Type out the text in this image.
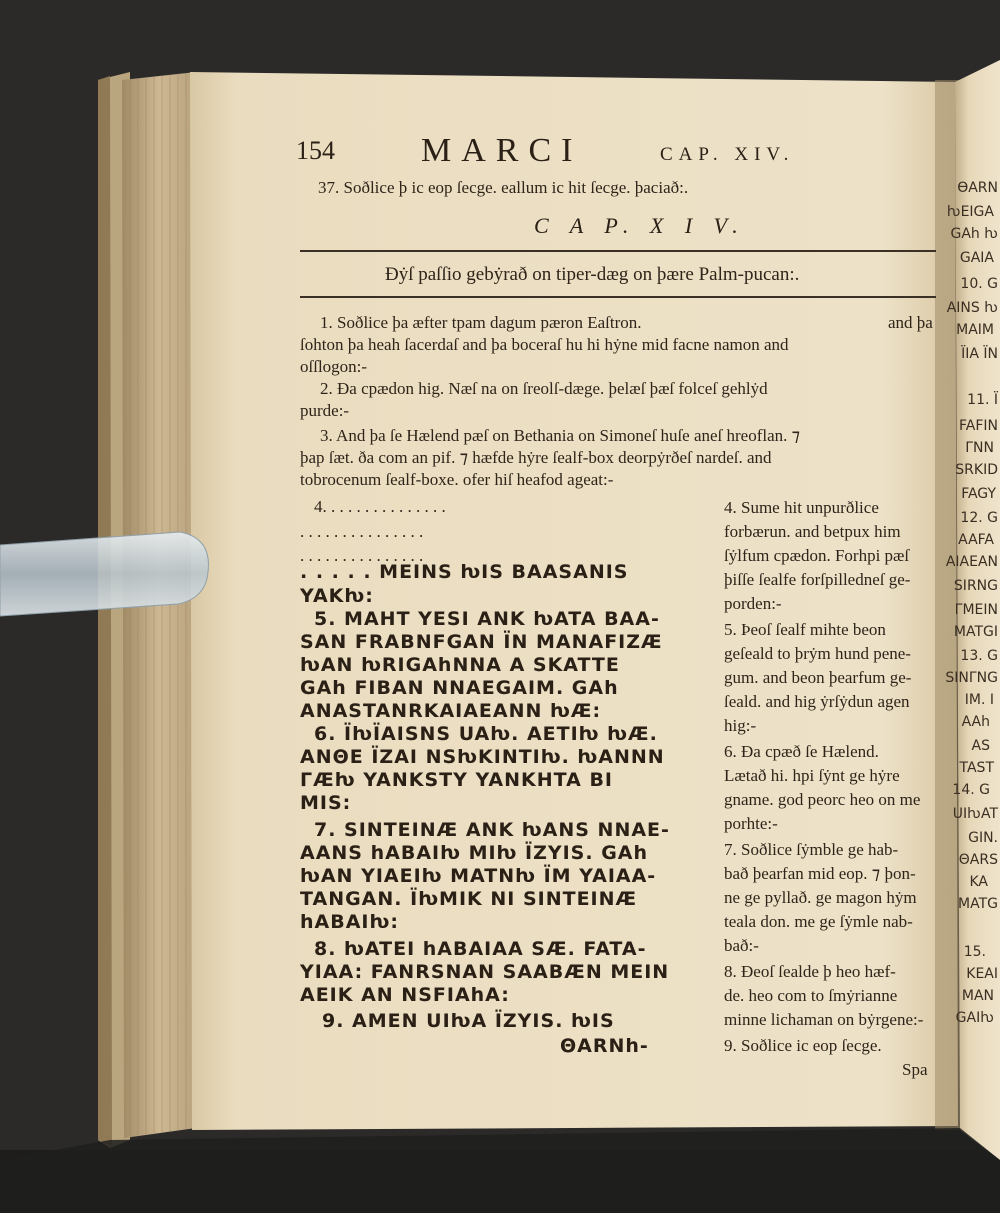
154	MARCI	CAP. XIV.
37. Soðlice þ ic eop ſecge. eallum ic hit ſecge. þaciað:.
C A P. X I V.
Ðẏſ paſſio gebẏrað on tiper-dæg on þære Palm-pucan:.
1. Soðlice þa æfter tpam dagum pæron Eaſtron.	and þa
ſohton þa heah ſacerdaſ and þa boceraſ hu hi hẏne mid facne namon and
oſſlogon:-
2. Ða cpædon hig. Næſ na on ſreolſ-dæge. þelæſ þæſ folceſ gehlẏd
purde:-
3. And þa ſe Hælend pæſ on Bethania on Simoneſ huſe aneſ hreoflan. ⁊
þap ſæt. ða com an pif. ⁊ hæfde hẏre ſealf-box deorpẏrðeſ nardeſ. and
tobrocenum ſealf-boxe. ofer hiſ heafod ageat:-
4. . . . . . . . . . . . . . .
. . . . . . . . . . . . . . .
. . . . . . . . . . . . . . .
. . . . . MEINS ƕIS BAASANIS
YAKƕ:
5. MAHT YESI ANK ƕATA BAA-
SAN FRABNFGAN ÏN MANAFIZÆ
ƕAN ƕRIGAhNNA A SKATTE
GAh FIBAN NNAEGAIM. GAh
ANASTANRKAIAEANN ƕÆ:
6. ÏƕÏAISNS UAƕ. AETIƕ ƕÆ.
ANΘE ÏZAI NSƕKINTIƕ. ƕANNN
ΓÆƕ YANKSTY YANKHTA BI
MIS:
7. SINTEINÆ ANK ƕANS NNAE-
AANS hABAIƕ MIƕ ÏZYIS. GAh
ƕAN YIAEIƕ MATNƕ ÏM YAIAA-
TANGAN. ÏƕMIK NI SINTEINÆ
hABAIƕ:
8. ƕATEI hABAIAA SÆ. FATA-
YIAA: FANRSNAN SAABÆN MEIN
AEIK AN NSFIAhA:
9. AMEN UIƕA ÏZYIS. ƕIS
ΘARNh-
4. Sume hit unpurðlice
forbærun. and betpux him
ſẏlfum cpædon. Forhpi pæſ
þiſſe ſealfe forſpilledneſ ge-
porden:-
5. Þeoſ ſealf mihte beon
geſeald to þrẏm hund pene-
gum. and beon þearfum ge-
ſeald. and hig ẏrſẏdun agen
hig:-
6. Ða cpæð ſe Hælend.
Lætað hi. hpi ſẏnt ge hẏre
gname. god peorc heo on me
porhte:-
7. Soðlice ſẏmble ge hab-
bað þearfan mid eop. ⁊ þon-
ne ge pyllað. ge magon hẏm
teala don. me ge ſẏmle nab-
bað:-
8. Ðeoſ ſealde þ heo hæf-
de. heo com to ſmẏrianne
minne lichaman on bẏrgene:-
9. Soðlice ic eop ſecge.
Spa
ƟARN
ƕEIGA
GAh ƕ
GAIA
10. G
AINS ƕ
MAIM
ÏIA ÏN
11. Ï
FAFIN
ΓNN
SRKID
FAGY
12. G
AAFA
AIAEAN
SIRNG
ΓMEIN
MATGI
13. G
SINΓNG
IM. I
AAh
AS
TAST
14. G
UIƕAT
GIN.
ΘARS
KA
MATG
15.
KEAI
MAN
GAIƕ
